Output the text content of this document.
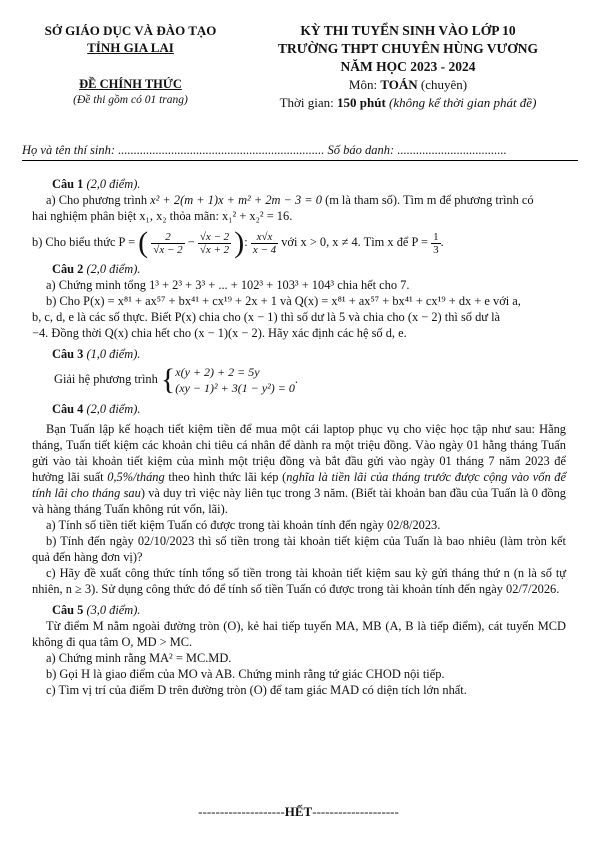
SỞ GIÁO DỤC VÀ ĐÀO TẠO
TỈNH GIA LAI
ĐỀ CHÍNH THỨC
(Đề thi gồm có 01 trang)
KỲ THI TUYỂN SINH VÀO LỚP 10
TRƯỜNG THPT CHUYÊN HÙNG VƯƠNG
NĂM HỌC 2023 - 2024
Môn: TOÁN (chuyên)
Thời gian: 150 phút (không kể thời gian phát đề)
Họ và tên thí sinh: .................................................................. Số báo danh: ...................................

Câu 1 (2,0 điểm).

a) Cho phương trình x² + 2(m + 1)x + m² + 2m − 3 = 0 (m là tham số). Tìm m để phương trình có

hai nghiệm phân biệt x₁, x₂ thỏa mãn: x₁² + x₂² = 16.

b) Cho biểu thức P = ( $\frac{2}{√x - 2} - \frac{√x - 2}{√x + 2}$ ): $\frac{x√x}{x - 4}$ với x > 0, x ≠ 4. Tìm x để $P = \frac{1}{3}$ .

Câu 2 (2,0 điểm).

a) Chứng minh tổng 1³ + 2³ + 3³ + ... + 102³ + 103³ + 104³ chia hết cho 7.

b) Cho P(x) = x⁸¹ + ax⁵⁷ + bx⁴¹ + cx¹⁹ + 2x + 1 và Q(x) = x⁸¹ + ax⁵⁷ + bx⁴¹ + cx¹⁹ + dx + e với a,

b, c, d, e là các số thực. Biết P(x) chia cho (x − 1) thì số dư là 5 và chia cho (x − 2) thì số dư là

−4. Đồng thời Q(x) chia hết cho (x − 1)(x − 2). Hãy xác định các hệ số d, e.

Câu 3 (1,0 điểm).

Giải hệ phương trình {x(y + 2) + 2 = 5y
(xy − 1)² + 3(1 − y²) = 0.

Câu 4 (2,0 điểm).

Bạn Tuấn lập kế hoạch tiết kiệm tiền để mua một cái laptop phục vụ cho việc học tập như sau: Hằng tháng, Tuấn tiết kiệm các khoản chi tiêu cá nhân để dành ra một triệu đồng. Vào ngày 01 hằng tháng Tuấn gửi vào tài khoản tiết kiệm của mình một triệu đồng và bắt đầu gửi vào ngày 01 tháng 7 năm 2023 để hưởng lãi suất 0,5%/tháng theo hình thức lãi kép (nghĩa là tiền lãi của tháng trước được cộng vào vốn để tính lãi cho tháng sau) và duy trì việc này liên tục trong 3 năm. (Biết tài khoản ban đầu của Tuấn là 0 đồng và hàng tháng Tuấn không rút vốn, lãi).

a) Tính số tiền tiết kiệm Tuấn có được trong tài khoản tính đến ngày 02/8/2023.

b) Tính đến ngày 02/10/2023 thì số tiền trong tài khoản tiết kiệm của Tuấn là bao nhiêu (làm tròn kết quả đến hàng đơn vị)?

c) Hãy đề xuất công thức tính tổng số tiền trong tài khoản tiết kiệm sau kỳ gửi tháng thứ n (n là số tự nhiên, n ≥ 3). Sử dụng công thức đó để tính số tiền Tuấn có được trong tài khoản tính đến ngày 02/7/2026.

Câu 5 (3,0 điểm).

Từ điểm M nằm ngoài đường tròn (O), kẻ hai tiếp tuyến MA, MB (A, B là tiếp điểm), cát tuyến MCD không đi qua tâm O, MD > MC.

a) Chứng minh rằng MA² = MC.MD.

b) Gọi H là giao điểm của MO và AB. Chứng minh rằng tứ giác CHOD nội tiếp.

c) Tìm vị trí của điểm D trên đường tròn (O) để tam giác MAD có diện tích lớn nhất.

--------------------HẾT--------------------
